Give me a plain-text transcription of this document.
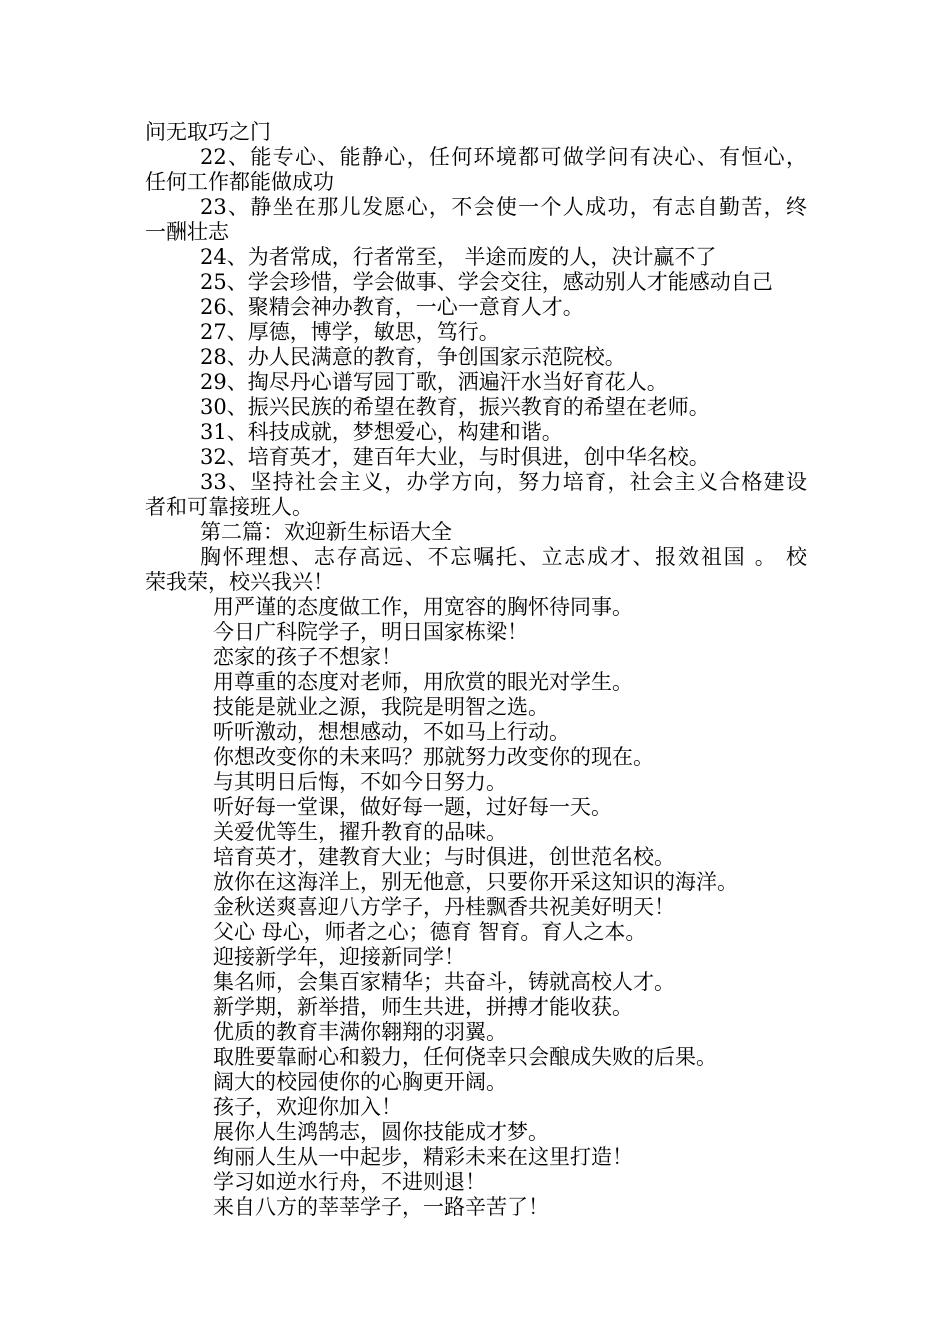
问无取巧之门
22、能专心、能静心，任何环境都可做学问有决心、有恒心，
任何工作都能做成功
23、静坐在那儿发愿心，不会使一个人成功，有志自勤苦，终
一酬壮志
24、为者常成，行者常至， 半途而废的人，决计赢不了
25、学会珍惜，学会做事、学会交往，感动别人才能感动自己
26、聚精会神办教育，一心一意育人才。
27、厚德，博学，敏思，笃行。
28、办人民满意的教育，争创国家示范院校。
29、掏尽丹心谱写园丁歌，洒遍汗水当好育花人。
30、振兴民族的希望在教育，振兴教育的希望在老师。
31、科技成就，梦想爱心，构建和谐。
32、培育英才，建百年大业，与时俱进，创中华名校。
33、坚持社会主义，办学方向，努力培育，社会主义合格建设
者和可靠接班人。
第二篇：欢迎新生标语大全
胸怀理想、志存高远、不忘嘱托、立志成才、报效祖国 。 校
荣我荣，校兴我兴！
用严谨的态度做工作，用宽容的胸怀待同事。
今日广科院学子，明日国家栋梁！
恋家的孩子不想家！
用尊重的态度对老师，用欣赏的眼光对学生。
技能是就业之源，我院是明智之选。
听听激动，想想感动，不如马上行动。
你想改变你的未来吗？那就努力改变你的现在。
与其明日后悔，不如今日努力。
听好每一堂课，做好每一题，过好每一天。
关爱优等生，擢升教育的品味。
培育英才，建教育大业；与时俱进，创世范名校。
放你在这海洋上，别无他意，只要你开采这知识的海洋。
金秋送爽喜迎八方学子，丹桂飘香共祝美好明天！
父心 母心，师者之心；德育 智育。育人之本。
迎接新学年，迎接新同学！
集名师，会集百家精华；共奋斗，铸就高校人才。
新学期，新举措，师生共进，拼搏才能收获。
优质的教育丰满你翱翔的羽翼。
取胜要靠耐心和毅力，任何侥幸只会酿成失败的后果。
阔大的校园使你的心胸更开阔。
孩子，欢迎你加入！
展你人生鸿鹄志，圆你技能成才梦。
绚丽人生从一中起步，精彩未来在这里打造！
学习如逆水行舟，不进则退！
来自八方的莘莘学子，一路辛苦了！
